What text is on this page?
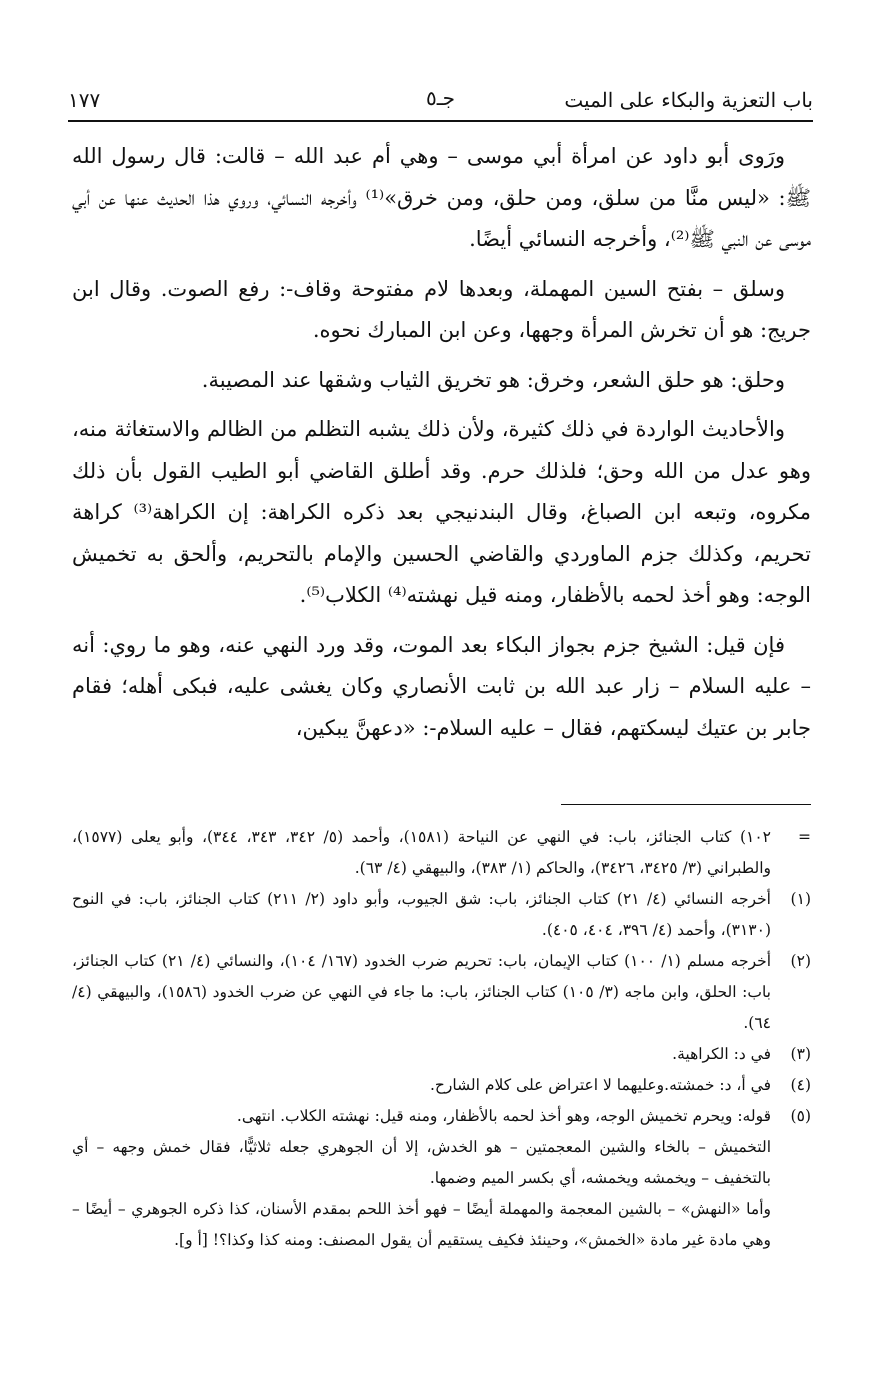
باب التعزية والبكاء على الميت
جـ٥
١٧٧

ورَوى أبو داود عن امرأة أبي موسى – وهي أم عبد الله – قالت: قال رسول الله ﷺ: «ليس منَّا من سلق، ومن حلق، ومن خرق»⁽¹⁾ وأخرجه النسائي، وروي هذا الحديث عنها عن أبي موسى عن النبي ﷺ⁽²⁾، وأخرجه النسائي أيضًا.

وسلق – بفتح السين المهملة، وبعدها لام مفتوحة وقاف-: رفع الصوت. وقال ابن جريج: هو أن تخرش المرأة وجهها، وعن ابن المبارك نحوه.

وحلق: هو حلق الشعر، وخرق: هو تخريق الثياب وشقها عند المصيبة.

والأحاديث الواردة في ذلك كثيرة، ولأن ذلك يشبه التظلم من الظالم والاستغاثة منه، وهو عدل من الله وحق؛ فلذلك حرم. وقد أطلق القاضي أبو الطيب القول بأن ذلك مكروه، وتبعه ابن الصباغ، وقال البندنيجي بعد ذكره الكراهة: إن الكراهة⁽³⁾ كراهة تحريم، وكذلك جزم الماوردي والقاضي الحسين والإمام بالتحريم، وألحق به تخميش الوجه: وهو أخذ لحمه بالأظفار، ومنه قيل نهشته⁽⁴⁾ الكلاب⁽⁵⁾.

فإن قيل: الشيخ جزم بجواز البكاء بعد الموت، وقد ورد النهي عنه، وهو ما روي: أنه – عليه السلام – زار عبد الله بن ثابت الأنصاري وكان يغشى عليه، فبكى أهله؛ فقام جابر بن عتيك ليسكتهم، فقال – عليه السلام-: «دعهنَّ يبكين،

=
١٠٢) كتاب الجنائز، باب: في النهي عن النياحة (١٥٨١)، وأحمد (٥/ ٣٤٢، ٣٤٣، ٣٤٤)، وأبو يعلى (١٥٧٧)، والطبراني (٣/ ٣٤٢٥، ٣٤٢٦)، والحاكم (١/ ٣٨٣)، والبيهقي (٤/ ٦٣).
(١)
أخرجه النسائي (٤/ ٢١) كتاب الجنائز، باب: شق الجيوب، وأبو داود (٢/ ٢١١) كتاب الجنائز، باب: في النوح (٣١٣٠)، وأحمد (٤/ ٣٩٦، ٤٠٤، ٤٠٥).
(٢)
أخرجه مسلم (١/ ١٠٠) كتاب الإيمان، باب: تحريم ضرب الخدود (١٦٧/ ١٠٤)، والنسائي (٤/ ٢١) كتاب الجنائز، باب: الحلق، وابن ماجه (٣/ ١٠٥) كتاب الجنائز، باب: ما جاء في النهي عن ضرب الخدود (١٥٨٦)، والبيهقي (٤/ ٦٤).
(٣)
في د: الكراهية.
(٤)
في أ، د: خمشته.وعليهما لا اعتراض على كلام الشارح.
(٥)
قوله: ويحرم تخميش الوجه، وهو أخذ لحمه بالأظفار، ومنه قيل: نهشته الكلاب. انتهى.
التخميش – بالخاء والشين المعجمتين – هو الخدش، إلا أن الجوهري جعله ثلاثيًّا، فقال خمش وجهه – أي بالتخفيف – ويخمشه ويخمشه، أي بكسر الميم وضمها.
وأما «النهش» – بالشين المعجمة والمهملة أيضًا – فهو أخذ اللحم بمقدم الأسنان، كذا ذكره الجوهري – أيضًا – وهي مادة غير مادة «الخمش»، وحينئذ فكيف يستقيم أن يقول المصنف: ومنه كذا وكذا؟! [أ و].
